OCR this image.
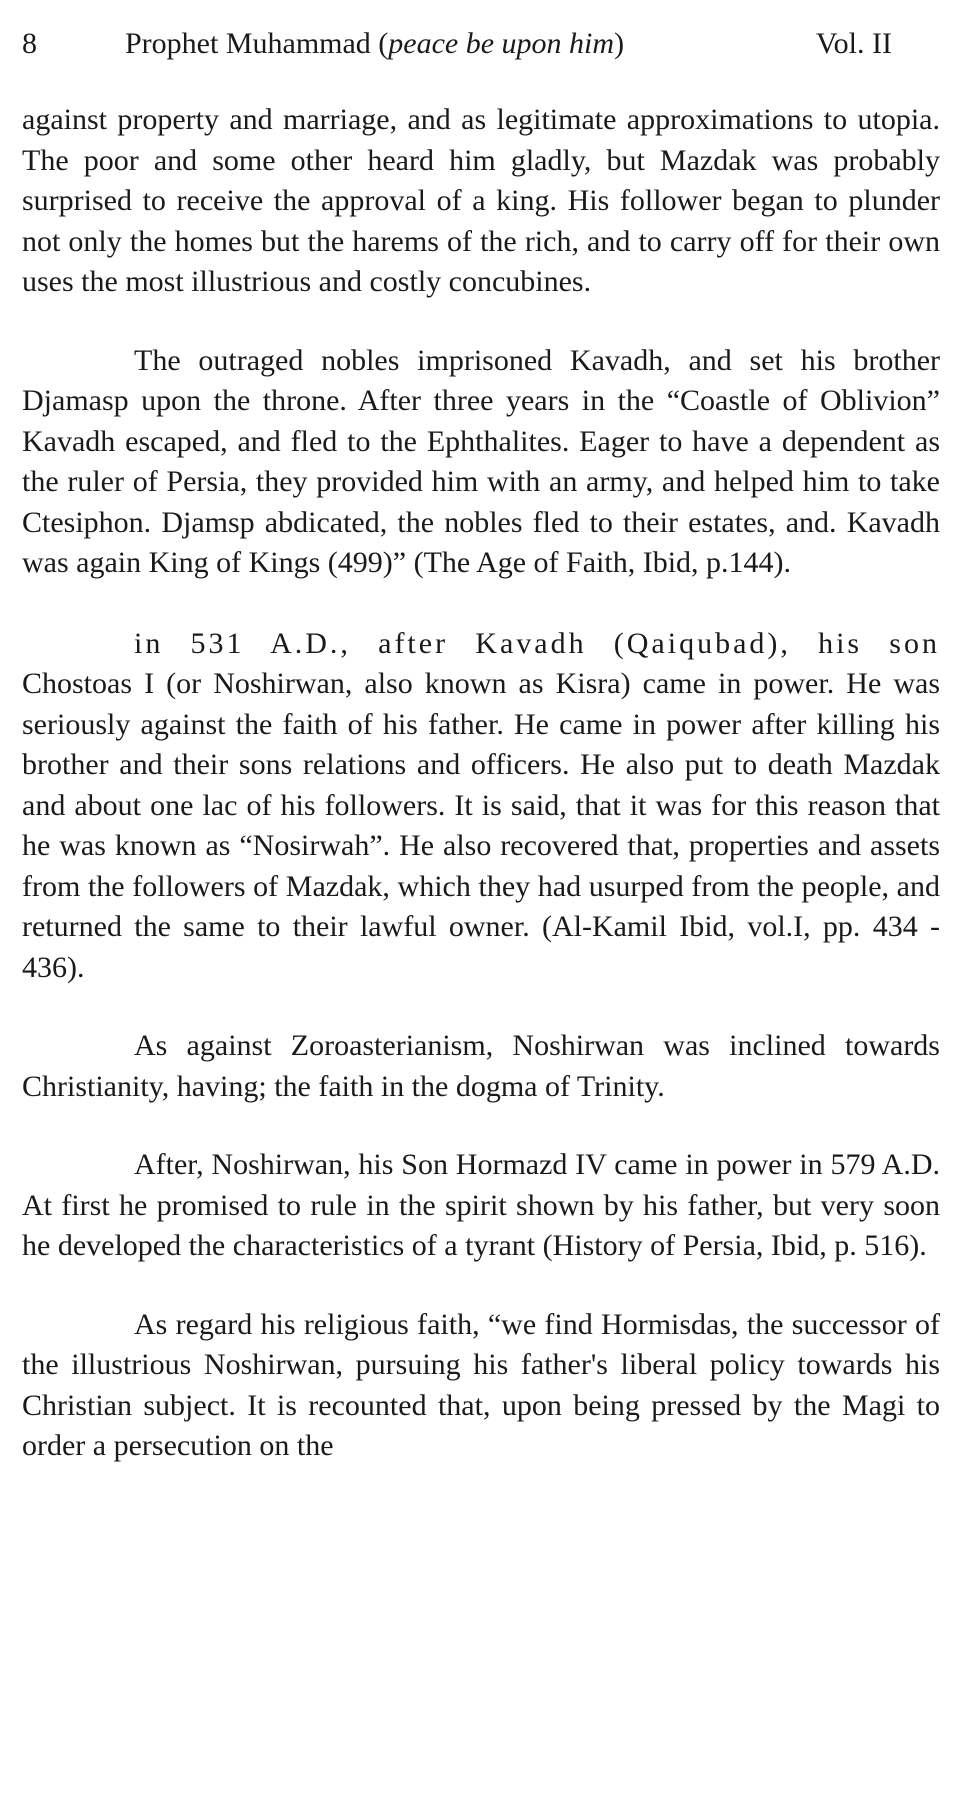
8	Prophet Muhammad (peace be upon him)	Vol. II

against property and marriage, and as legitimate approximations to utopia. The poor and some other heard him gladly, but Mazdak was probably surprised to receive the approval of a king. His follower began to plunder not only the homes but the harems of the rich, and to carry off for their own uses the most illustrious and costly concubines.

The outraged nobles imprisoned Kavadh, and set his brother Djamasp upon the throne. After three years in the “Coastle of Oblivion” Kavadh escaped, and fled to the Ephthalites. Eager to have a dependent as the ruler of Persia, they provided him with an army, and helped him to take Ctesiphon. Djamsp abdicated, the nobles fled to their estates, and. Kavadh was again King of Kings (499)” (The Age of Faith, Ibid, p.144).

in 531 A.D., after Kavadh (Qaiqubad), his son Chostoas I (or Noshirwan, also known as Kisra) came in power. He was seriously against the faith of his father. He came in power after killing his brother and their sons relations and officers. He also put to death Mazdak and about one lac of his followers. It is said, that it was for this reason that he was known as “Nosirwah”. He also recovered that, properties and assets from the followers of Mazdak, which they had usurped from the people, and returned the same to their lawful owner. (Al-Kamil Ibid, vol.I, pp. 434 - 436).

As against Zoroasterianism, Noshirwan was inclined towards Christianity, having; the faith in the dogma of Trinity.

After, Noshirwan, his Son Hormazd IV came in power in 579 A.D. At first he promised to rule in the spirit shown by his father, but very soon he developed the characteristics of a tyrant (History of Persia, Ibid, p. 516).

As regard his religious faith, “we find Hormisdas, the successor of the illustrious Noshirwan, pursuing his father's liberal policy towards his Christian subject. It is recounted that, upon being pressed by the Magi to order a persecution on the
